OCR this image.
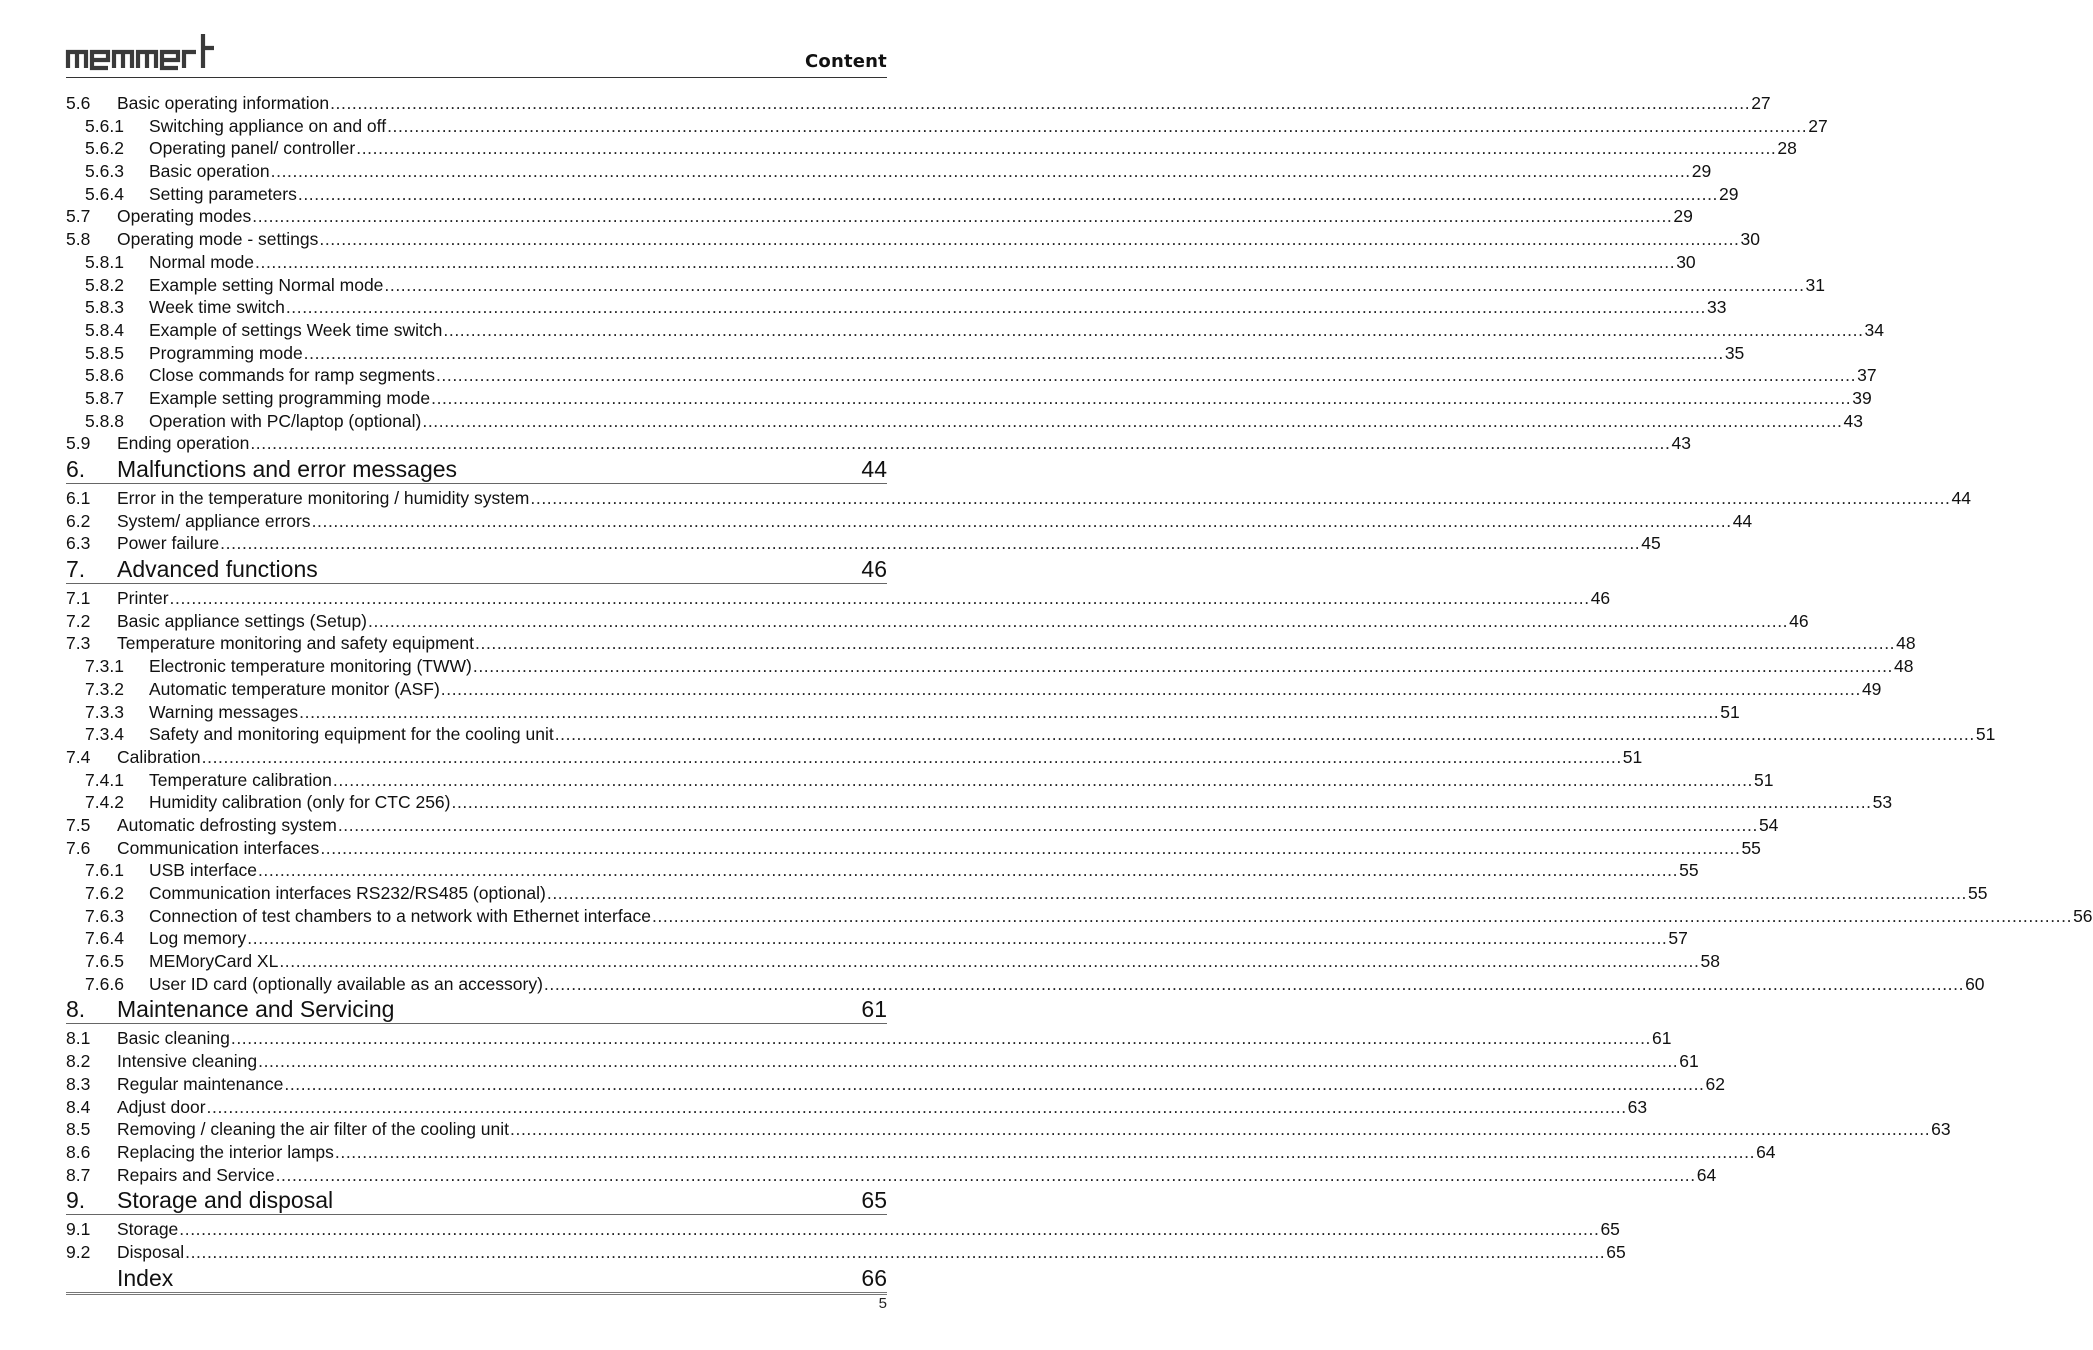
Content
5.6	Basic operating information .................................................................................................................................................................................................................................................................... 27
5.6.1	Switching appliance on and off .................................................................................................................................................................................................................................................................... 27
5.6.2	Operating panel/ controller .................................................................................................................................................................................................................................................................... 28
5.6.3	Basic operation .................................................................................................................................................................................................................................................................... 29
5.6.4	Setting parameters .................................................................................................................................................................................................................................................................... 29
5.7	Operating modes .................................................................................................................................................................................................................................................................... 29
5.8	Operating mode - settings .................................................................................................................................................................................................................................................................... 30
5.8.1	Normal mode .................................................................................................................................................................................................................................................................... 30
5.8.2	Example setting Normal mode .................................................................................................................................................................................................................................................................... 31
5.8.3	Week time switch .................................................................................................................................................................................................................................................................... 33
5.8.4	Example of settings Week time switch .................................................................................................................................................................................................................................................................... 34
5.8.5	Programming mode .................................................................................................................................................................................................................................................................... 35
5.8.6	Close commands for ramp segments .................................................................................................................................................................................................................................................................... 37
5.8.7	Example setting programming mode .................................................................................................................................................................................................................................................................... 39
5.8.8	Operation with PC/laptop (optional) .................................................................................................................................................................................................................................................................... 43
5.9	Ending operation .................................................................................................................................................................................................................................................................... 43
6.	Malfunctions and error messages	44
6.1	Error in the temperature monitoring / humidity system .................................................................................................................................................................................................................................................................... 44
6.2	System/ appliance errors .................................................................................................................................................................................................................................................................... 44
6.3	Power failure .................................................................................................................................................................................................................................................................... 45
7.	Advanced functions	46
7.1	Printer .................................................................................................................................................................................................................................................................... 46
7.2	Basic appliance settings (Setup) .................................................................................................................................................................................................................................................................... 46
7.3	Temperature monitoring and safety equipment .................................................................................................................................................................................................................................................................... 48
7.3.1	Electronic temperature monitoring (TWW) .................................................................................................................................................................................................................................................................... 48
7.3.2	Automatic temperature monitor (ASF) .................................................................................................................................................................................................................................................................... 49
7.3.3	Warning messages .................................................................................................................................................................................................................................................................... 51
7.3.4	Safety and monitoring equipment for the cooling unit .................................................................................................................................................................................................................................................................... 51
7.4	Calibration .................................................................................................................................................................................................................................................................... 51
7.4.1	Temperature calibration .................................................................................................................................................................................................................................................................... 51
7.4.2	Humidity calibration (only for CTC 256) .................................................................................................................................................................................................................................................................... 53
7.5	Automatic defrosting system .................................................................................................................................................................................................................................................................... 54
7.6	Communication interfaces .................................................................................................................................................................................................................................................................... 55
7.6.1	USB interface .................................................................................................................................................................................................................................................................... 55
7.6.2	Communication interfaces RS232/RS485 (optional) .................................................................................................................................................................................................................................................................... 55
7.6.3	Connection of test chambers to a network with Ethernet interface .................................................................................................................................................................................................................................................................... 56
7.6.4	Log memory .................................................................................................................................................................................................................................................................... 57
7.6.5	MEMoryCard XL .................................................................................................................................................................................................................................................................... 58
7.6.6	User ID card (optionally available as an accessory) .................................................................................................................................................................................................................................................................... 60
8.	Maintenance and Servicing	61
8.1	Basic cleaning .................................................................................................................................................................................................................................................................... 61
8.2	Intensive cleaning .................................................................................................................................................................................................................................................................... 61
8.3	Regular maintenance .................................................................................................................................................................................................................................................................... 62
8.4	Adjust door .................................................................................................................................................................................................................................................................... 63
8.5	Removing / cleaning the air filter of the cooling unit .................................................................................................................................................................................................................................................................... 63
8.6	Replacing the interior lamps .................................................................................................................................................................................................................................................................... 64
8.7	Repairs and Service .................................................................................................................................................................................................................................................................... 64
9.	Storage and disposal	65
9.1	Storage .................................................................................................................................................................................................................................................................... 65
9.2	Disposal .................................................................................................................................................................................................................................................................... 65
Index	66
5
